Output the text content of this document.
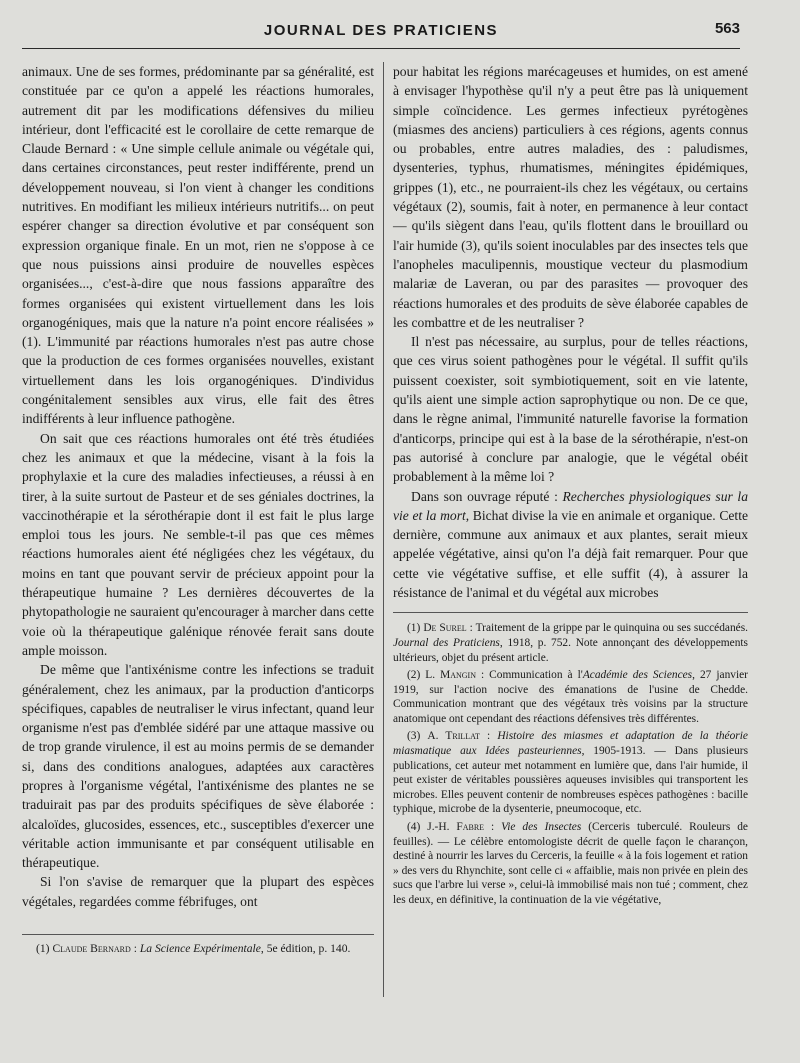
JOURNAL DES PRATICIENS	563

animaux. Une de ses formes, prédominante par sa généralité, est constituée par ce qu'on a appelé les réactions humorales, autrement dit par les modifications défensives du milieu intérieur, dont l'efficacité est le corollaire de cette remarque de Claude Bernard : « Une simple cellule animale ou végétale qui, dans certaines circonstances, peut rester indifférente, prend un développement nouveau, si l'on vient à changer les conditions nutritives. En modifiant les milieux intérieurs nutritifs... on peut espérer changer sa direction évolutive et par conséquent son expression organique finale. En un mot, rien ne s'oppose à ce que nous puissions ainsi produire de nouvelles espèces organisées..., c'est-à-dire que nous fassions apparaître des formes organisées qui existent virtuellement dans les lois organogéniques, mais que la nature n'a point encore réalisées » (1). L'immunité par réactions humorales n'est pas autre chose que la production de ces formes organisées nouvelles, existant virtuellement dans les lois organogéniques. D'individus congénitalement sensibles aux virus, elle fait des êtres indifférents à leur influence pathogène.

On sait que ces réactions humorales ont été très étudiées chez les animaux et que la médecine, visant à la fois la prophylaxie et la cure des maladies infectieuses, a réussi à en tirer, à la suite surtout de Pasteur et de ses géniales doctrines, la vaccinothérapie et la sérothérapie dont il est fait le plus large emploi tous les jours. Ne semble-t-il pas que ces mêmes réactions humorales aient été négligées chez les végétaux, du moins en tant que pouvant servir de précieux appoint pour la thérapeutique humaine ? Les dernières découvertes de la phytopathologie ne sauraient qu'encourager à marcher dans cette voie où la thérapeutique galénique rénovée ferait sans doute ample moisson.

De même que l'antixénisme contre les infections se traduit généralement, chez les animaux, par la production d'anticorps spécifiques, capables de neutraliser le virus infectant, quand leur organisme n'est pas d'emblée sidéré par une attaque massive ou de trop grande virulence, il est au moins permis de se demander si, dans des conditions analogues, adaptées aux caractères propres à l'organisme végétal, l'antixénisme des plantes ne se traduirait pas par des produits spécifiques de sève élaborée : alcaloïdes, glucosides, essences, etc., susceptibles d'exercer une véritable action immunisante et par conséquent utilisable en thérapeutique.

Si l'on s'avise de remarquer que la plupart des espèces végétales, regardées comme fébrifuges, ont

(1) Claude Bernard : La Science Expérimentale, 5e édition, p. 140.

pour habitat les régions marécageuses et humides, on est amené à envisager l'hypothèse qu'il n'y a peut être pas là uniquement simple coïncidence. Les germes infectieux pyrétogènes (miasmes des anciens) particuliers à ces régions, agents connus ou probables, entre autres maladies, des : paludismes, dysenteries, typhus, rhumatismes, méningites épidémiques, grippes (1), etc., ne pourraient-ils chez les végétaux, ou certains végétaux (2), soumis, fait à noter, en permanence à leur contact — qu'ils siègent dans l'eau, qu'ils flottent dans le brouillard ou l'air humide (3), qu'ils soient inoculables par des insectes tels que l'anopheles maculipennis, moustique vecteur du plasmodium malariæ de Laveran, ou par des parasites — provoquer des réactions humorales et des produits de sève élaborée capables de les combattre et de les neutraliser ?

Il n'est pas nécessaire, au surplus, pour de telles réactions, que ces virus soient pathogènes pour le végétal. Il suffit qu'ils puissent coexister, soit symbiotiquement, soit en vie latente, qu'ils aient une simple action saprophytique ou non. De ce que, dans le règne animal, l'immunité naturelle favorise la formation d'anticorps, principe qui est à la base de la sérothérapie, n'est-on pas autorisé à conclure par analogie, que le végétal obéit probablement à la même loi ?

Dans son ouvrage réputé : Recherches physiologiques sur la vie et la mort, Bichat divise la vie en animale et organique. Cette dernière, commune aux animaux et aux plantes, serait mieux appelée végétative, ainsi qu'on l'a déjà fait remarquer. Pour que cette vie végétative suffise, et elle suffit (4), à assurer la résistance de l'animal et du végétal aux microbes

(1) De Surel : Traitement de la grippe par le quinquina ou ses succédanés. Journal des Praticiens, 1918, p. 752. Note annonçant des développements ultérieurs, objet du présent article.

(2) L. Mangin : Communication à l'Académie des Sciences, 27 janvier 1919, sur l'action nocive des émanations de l'usine de Chedde. Communication montrant que des végétaux très voisins par la structure anatomique ont cependant des réactions défensives très différentes.

(3) A. Trillat : Histoire des miasmes et adaptation de la théorie miasmatique aux Idées pasteuriennes, 1905-1913. — Dans plusieurs publications, cet auteur met notamment en lumière que, dans l'air humide, il peut exister de véritables poussières aqueuses invisibles qui transportent les microbes. Elles peuvent contenir de nombreuses espèces pathogènes : bacille typhique, microbe de la dysenterie, pneumocoque, etc.

(4) J.-H. Fabre : Vie des Insectes (Cerceris tuberculé. Rouleurs de feuilles). — Le célèbre entomologiste décrit de quelle façon le charançon, destiné à nourrir les larves du Cerceris, la feuille « à la fois logement et ration » des vers du Rhynchite, sont celle ci « affaiblie, mais non privée en plein des sucs que l'arbre lui verse », celui-là immobilisé mais non tué ; comment, chez les deux, en définitive, la continuation de la vie végétative,
